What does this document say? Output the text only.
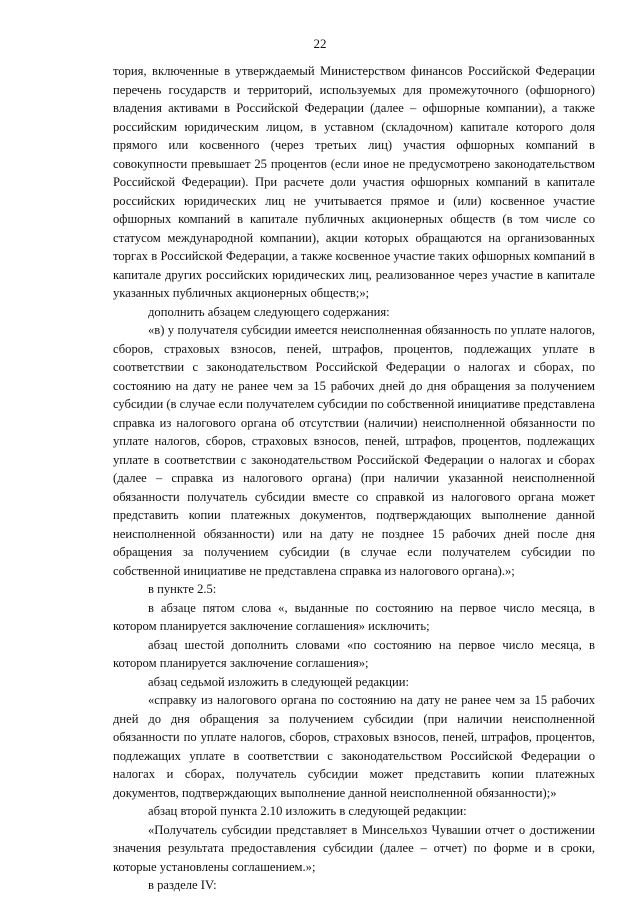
22

тория, включенные в утверждаемый Министерством финансов Российской Федерации перечень государств и территорий, используемых для промежуточного (офшорного) владения активами в Российской Федерации (далее – офшорные компании), а также российским юридическим лицом, в уставном (складочном) капитале которого доля прямого или косвенного (через третьих лиц) участия офшорных компаний в совокупности превышает 25 процентов (если иное не предусмотрено законодательством Российской Федерации). При расчете доли участия офшорных компаний в капитале российских юридических лиц не учитывается прямое и (или) косвенное участие офшорных компаний в капитале публичных акционерных обществ (в том числе со статусом международной компании), акции которых обращаются на организованных торгах в Российской Федерации, а также косвенное участие таких офшорных компаний в капитале других российских юридических лиц, реализованное через участие в капитале указанных публичных акционерных обществ;»;

дополнить абзацем следующего содержания:

«в) у получателя субсидии имеется неисполненная обязанность по уплате налогов, сборов, страховых взносов, пеней, штрафов, процентов, подлежащих уплате в соответствии с законодательством Российской Федерации о налогах и сборах, по состоянию на дату не ранее чем за 15 рабочих дней до дня обращения за получением субсидии (в случае если получателем субсидии по собственной инициативе представлена справка из налогового органа об отсутствии (наличии) неисполненной обязанности по уплате налогов, сборов, страховых взносов, пеней, штрафов, процентов, подлежащих уплате в соответствии с законодательством Российской Федерации о налогах и сборах (далее – справка из налогового органа) (при наличии указанной неисполненной обязанности получатель субсидии вместе со справкой из налогового органа может представить копии платежных документов, подтверждающих выполнение данной неисполненной обязанности) или на дату не позднее 15 рабочих дней после дня обращения за получением субсидии (в случае если получателем субсидии по собственной инициативе не представлена справка из налогового органа).»;

в пункте 2.5:

в абзаце пятом слова «, выданные по состоянию на первое число месяца, в котором планируется заключение соглашения» исключить;

абзац шестой дополнить словами «по состоянию на первое число месяца, в котором планируется заключение соглашения»;

абзац седьмой изложить в следующей редакции:

«справку из налогового органа по состоянию на дату не ранее чем за 15 рабочих дней до дня обращения за получением субсидии (при наличии неисполненной обязанности по уплате налогов, сборов, страховых взносов, пеней, штрафов, процентов, подлежащих уплате в соответствии с законодательством Российской Федерации о налогах и сборах, получатель субсидии может представить копии платежных документов, подтверждающих выполнение данной неисполненной обязанности);»

абзац второй пункта 2.10 изложить в следующей редакции:

«Получатель субсидии представляет в Минсельхоз Чувашии отчет о достижении значения результата предоставления субсидии (далее – отчет) по форме и в сроки, которые установлены соглашением.»;

в разделе IV:
